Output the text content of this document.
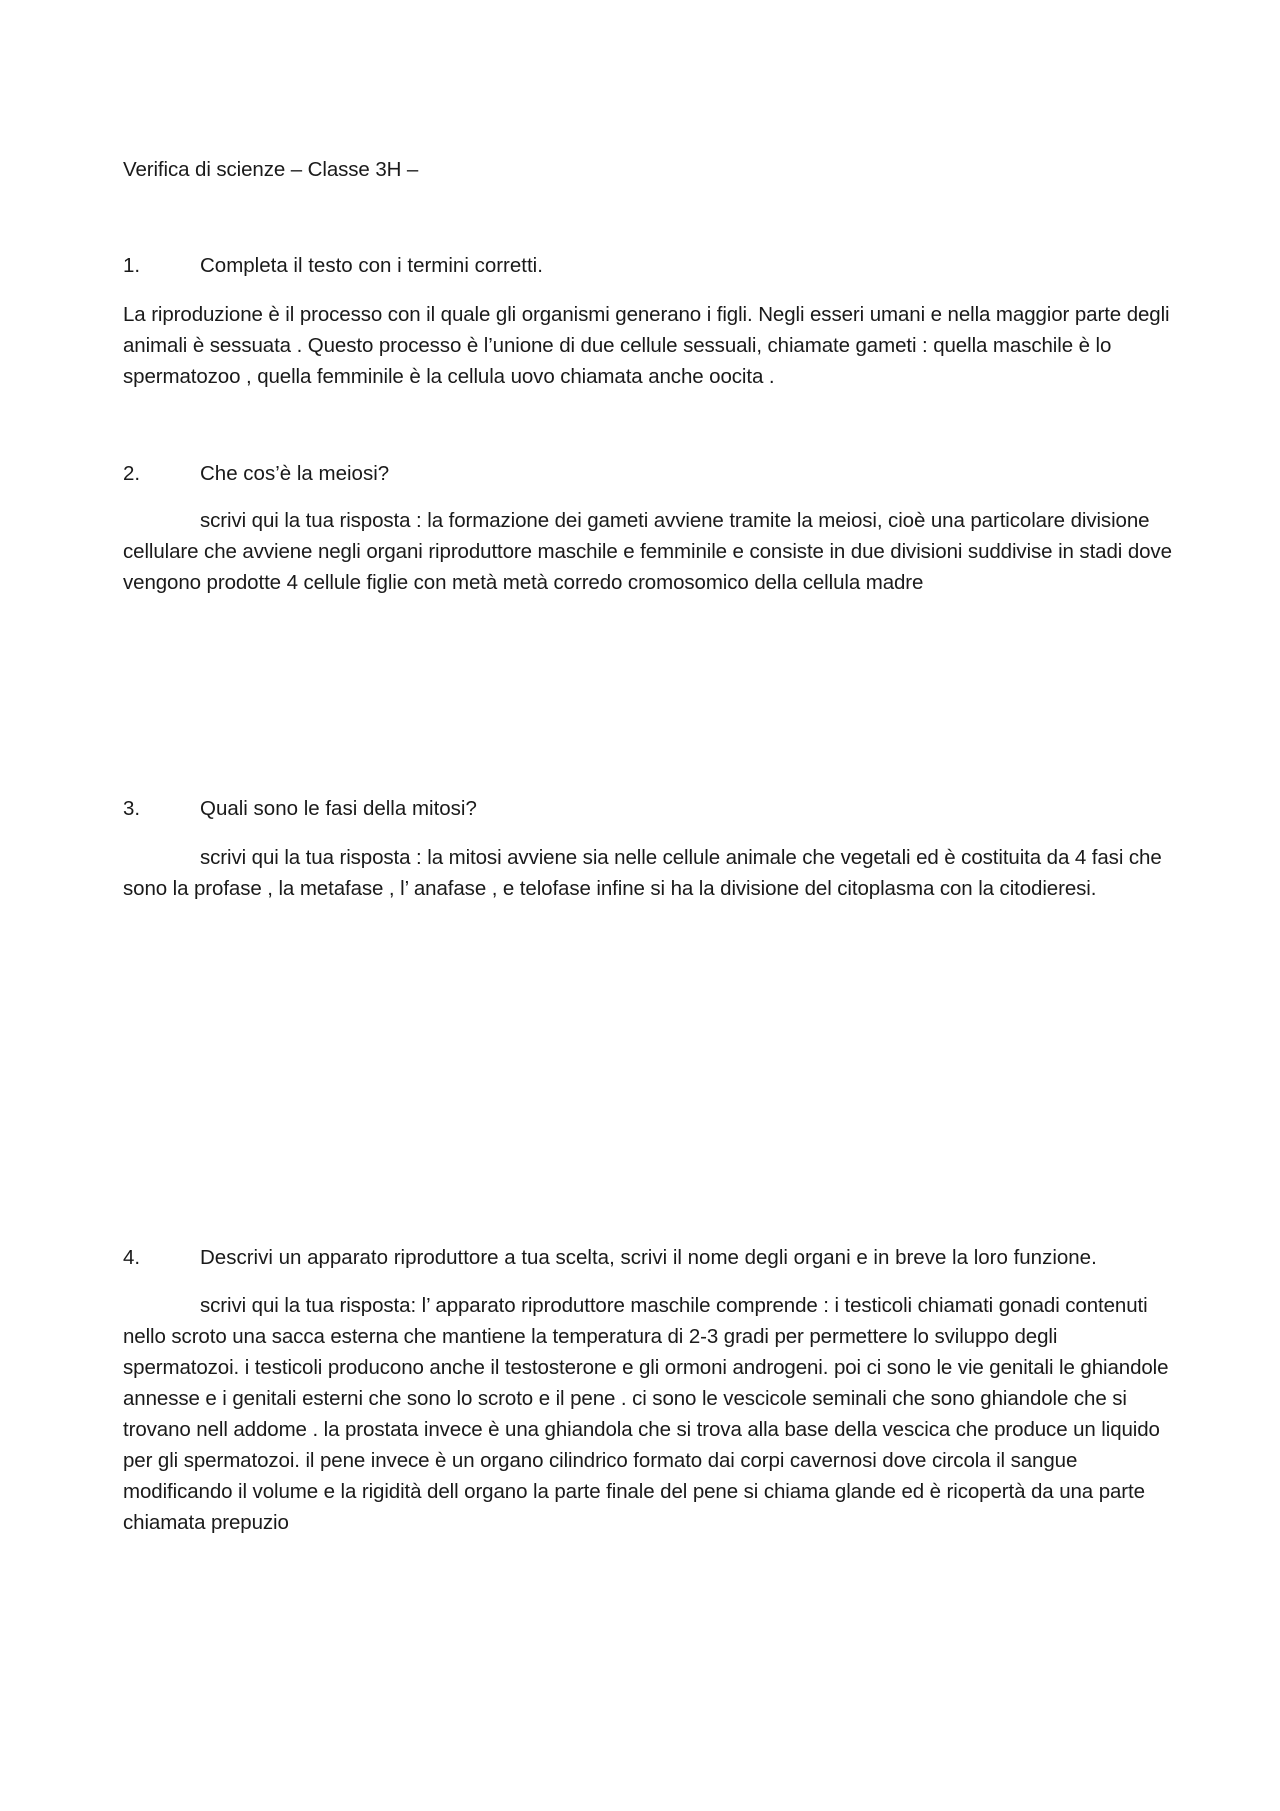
Verifica di scienze – Classe 3H –

1.	Completa il testo con i termini corretti.

La riproduzione è il processo con il quale gli organismi generano i figli. Negli esseri umani e nella maggior parte degli animali è sessuata . Questo processo è l’unione di due cellule sessuali, chiamate gameti : quella maschile è lo spermatozoo , quella femminile è la cellula uovo chiamata anche oocita .

2.	Che cos’è la meiosi?

scrivi qui la tua risposta : la formazione dei gameti avviene tramite la meiosi, cioè una particolare divisione cellulare che avviene negli organi riproduttore maschile e femminile e consiste in due divisioni suddivise in stadi dove vengono prodotte 4 cellule figlie con metà metà corredo cromosomico della cellula madre

3.	Quali sono le fasi della mitosi?

scrivi qui la tua risposta : la mitosi avviene sia nelle cellule animale che vegetali ed è costituita da 4 fasi che sono la profase , la metafase , l’ anafase , e telofase infine si ha la divisione del citoplasma con la citodieresi.

4.	Descrivi un apparato riproduttore a tua scelta, scrivi il nome degli organi e in breve la loro funzione.

scrivi qui la tua risposta: l’ apparato riproduttore maschile comprende : i testicoli chiamati gonadi contenuti nello scroto una sacca esterna che mantiene la temperatura di 2-3 gradi per permettere lo sviluppo degli spermatozoi. i testicoli producono anche il testosterone e gli ormoni androgeni. poi ci sono le vie genitali le ghiandole annesse e i genitali esterni che sono lo scroto e il pene . ci sono le vescicole seminali che sono ghiandole che si trovano nell addome . la prostata invece è una ghiandola che si trova alla base della vescica che produce un liquido per gli spermatozoi. il pene invece è un organo cilindrico formato dai corpi cavernosi dove circola il sangue modificando il volume e la rigidità dell organo la parte finale del pene si chiama glande ed è ricopertà da una parte chiamata prepuzio
